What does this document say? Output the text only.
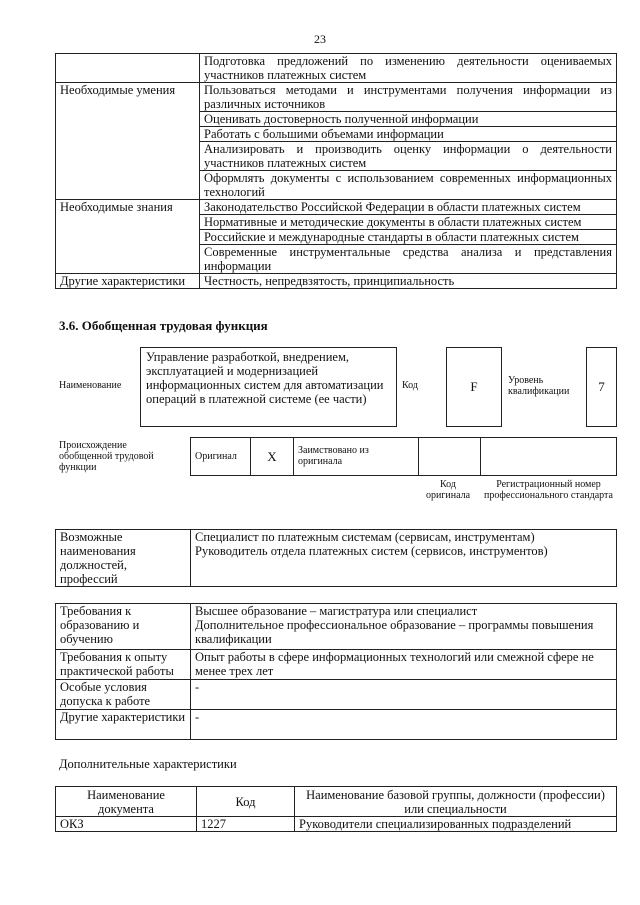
23
	Подготовка предложений по изменению деятельности оцениваемых участников платежных систем
Необходимые умения	Пользоваться методами и инструментами получения информации из различных источников
	Оценивать достоверность полученной информации
	Работать с большими объемами информации
	Анализировать и производить оценку информации о деятельности участников платежных систем
	Оформлять документы с использованием современных информационных технологий
Необходимые знания	Законодательство Российской Федерации в области платежных систем
	Нормативные и методические документы в области платежных систем
	Российские и международные стандарты в области платежных систем
	Современные инструментальные средства анализа и представления информации
Другие характеристики	Честность, непредвзятость, принципиальность
3.6. Обобщенная трудовая функция
Наименование
Управление разработкой, внедрением, эксплуатацией и модернизацией информационных систем для автоматизации операций в платежной системе (ее части)
Код	F	Уровень квалификации	7
Происхождение обобщенной трудовой функции
Оригинал	X	Заимствовано из оригинала		
Код оригинала
Регистрационный номер профессионального стандарта
Возможные наименования должностей, профессий	
Специалист по платежным системам (сервисам, инструментам)
Руководитель отдела платежных систем (сервисов, инструментов)
Требования к образованию и обучению	Высшее образование – магистратура или специалист
Дополнительное профессиональное образование – программы повышения квалификации

Требования к опыту практической работы	Опыт работы в сфере информационных технологий или смежной сфере не менее трех лет
Особые условия допуска к работе	-
Другие характеристики	-
Дополнительные характеристики
Наименование документа	Код	Наименование базовой группы, должности (профессии) или специальности
ОКЗ	1227	Руководители специализированных подразделений
